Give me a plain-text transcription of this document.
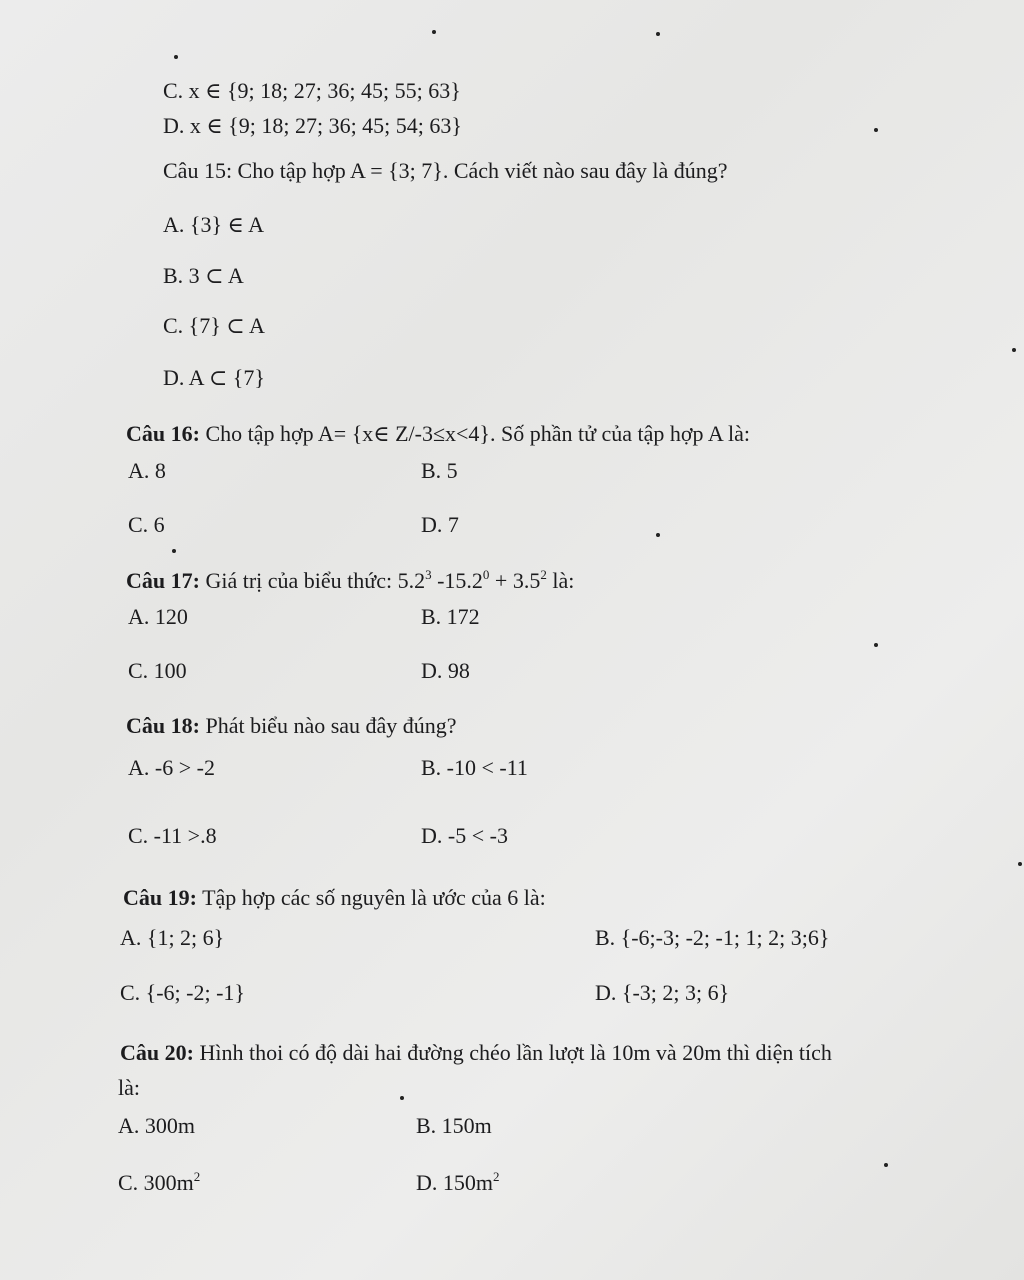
C. x ∈ {9; 18; 27; 36; 45; 55; 63}
D. x ∈ {9; 18; 27; 36; 45; 54; 63}
Câu 15: Cho tập hợp A = {3; 7}. Cách viết nào sau đây là đúng?
A. {3} ∈ A
B. 3 ⊂ A
C. {7} ⊂ A
D. A ⊂ {7}
Câu 16: Cho tập hợp A= {x∈ Z/-3≤x<4}. Số phần tử của tập hợp A là:
A. 8	B. 5
C. 6	D. 7
Câu 17: Giá trị của biểu thức: $5.2^3$ $-15.2^0 + 3.5^2$ là:
A. 120	B. 172
C. 100	D. 98
Câu 18: Phát biểu nào sau đây đúng?
A. -6 > -2	B. -10 < -11
C. -11 >.8	D. -5 < -3
Câu 19: Tập hợp các số nguyên là ước của 6 là:
A. {1; 2; 6}	B. {-6;-3; -2; -1; 1; 2; 3;6}
C. {-6; -2; -1}	D. {-3; 2; 3; 6}
Câu 20: Hình thoi có độ dài hai đường chéo lần lượt là 10m và 20m thì diện tích
là:
A. 300m	B. 150m
C. $300m^2$	D. $150m^2$
